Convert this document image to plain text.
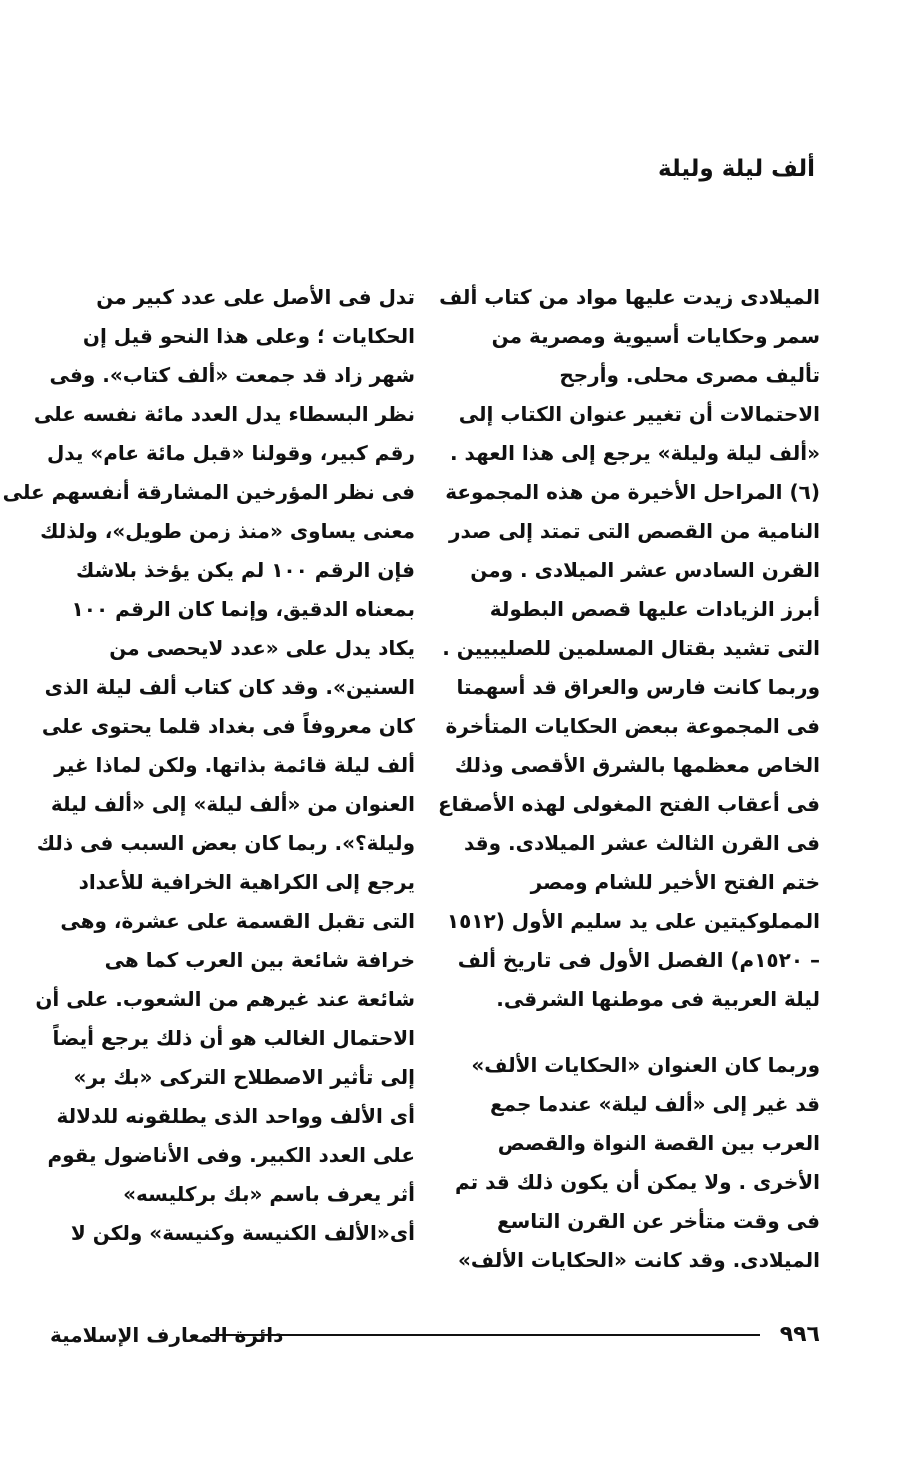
ألف ليلة وليلة
الميلادى زيدت عليها مواد من كتاب ألف
سمر وحكايات أسيوية ومصرية من
تأليف مصرى محلى. وأرجح
الاحتمالات أن تغيير عنوان الكتاب إلى
«ألف ليلة وليلة» يرجع إلى هذا العهد .
(٦) المراحل الأخيرة من هذه المجموعة
النامية من القصص التى تمتد إلى صدر
القرن السادس عشر الميلادى . ومن
أبرز الزيادات عليها قصص البطولة
التى تشيد بقتال المسلمين للصليبيين .
وربما كانت فارس والعراق قد أسهمتا
فى المجموعة ببعض الحكايات المتأخرة
الخاص معظمها بالشرق الأقصى وذلك
فى أعقاب الفتح المغولى لهذه الأصقاع
فى القرن الثالث عشر الميلادى. وقد
ختم الفتح الأخير للشام ومصر
المملوكيتين على يد سليم الأول (١٥١٢
– ١٥٢٠م) الفصل الأول فى تاريخ ألف
ليلة العربية فى موطنها الشرقى.
وربما كان العنوان «الحكايات الألف»
قد غير إلى «ألف ليلة» عندما جمع
العرب بين القصة النواة والقصص
الأخرى . ولا يمكن أن يكون ذلك قد تم
فى وقت متأخر عن القرن التاسع
الميلادى. وقد كانت «الحكايات الألف»
تدل فى الأصل على عدد كبير من
الحكايات ؛ وعلى هذا النحو قيل إن
شهر زاد قد جمعت «ألف كتاب». وفى
نظر البسطاء يدل العدد مائة نفسه على
رقم كبير، وقولنا «قبل مائة عام» يدل
فى نظر المؤرخين المشارقة أنفسهم على
معنى يساوى «منذ زمن طويل»، ولذلك
فإن الرقم ١٠٠ لم يكن يؤخذ بلاشك
بمعناه الدقيق، وإنما كان الرقم ١٠٠
يكاد يدل على «عدد لايحصى من
السنين». وقد كان كتاب ألف ليلة الذى
كان معروفاً فى بغداد قلما يحتوى على
ألف ليلة قائمة بذاتها. ولكن لماذا غير
العنوان من «ألف ليلة» إلى «ألف ليلة
وليلة؟». ربما كان بعض السبب فى ذلك
يرجع إلى الكراهية الخرافية للأعداد
التى تقبل القسمة على عشرة، وهى
خرافة شائعة بين العرب كما هى
شائعة عند غيرهم من الشعوب. على أن
الاحتمال الغالب هو أن ذلك يرجع أيضاً
إلى تأثير الاصطلاح التركى «بك بر»
أى الألف وواحد الذى يطلقونه للدلالة
على العدد الكبير. وفى الأناضول يقوم
أثر يعرف باسم «بك بركليسه»
أى«الألف الكنيسة وكنيسة» ولكن لا
٩٩٦
دائرة المعارف الإسلامية
